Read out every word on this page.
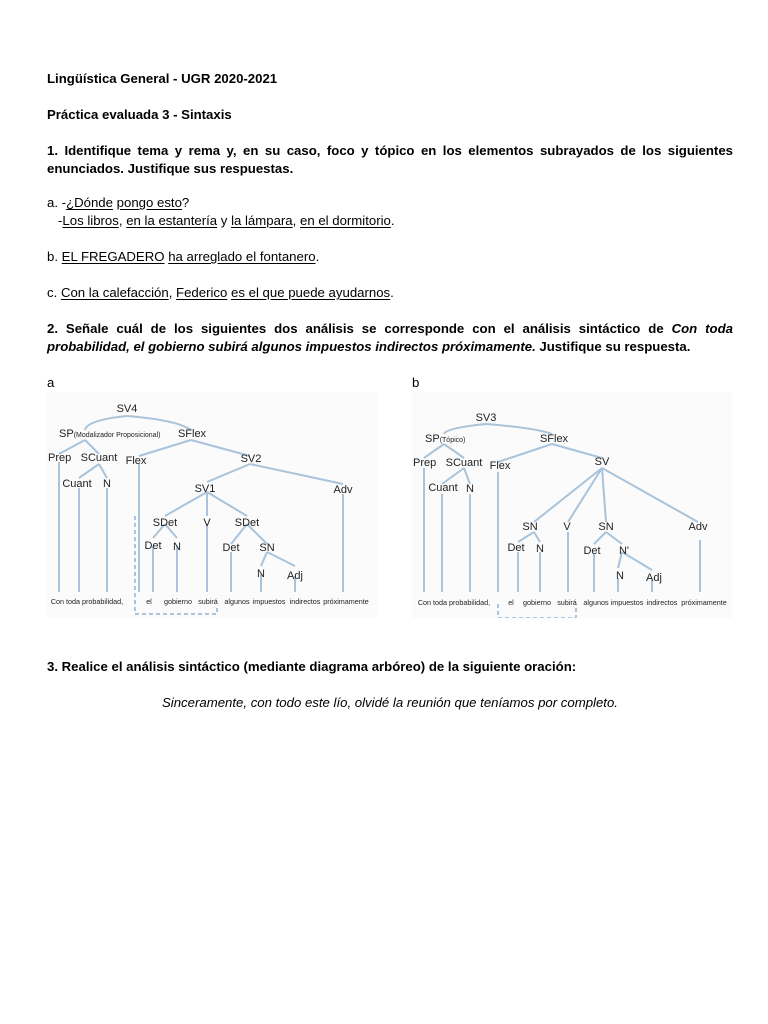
Lingüística General - UGR 2020-2021
Práctica evaluada 3 - Sintaxis
1. Identifique tema y rema y, en su caso, foco y tópico en los elementos subrayados de los siguientes enunciados. Justifique sus respuestas.
a. -¿Dónde pongo esto?
-Los libros, en la estantería y la lámpara, en el dormitorio.
b. EL FREGADERO ha arreglado el fontanero.
c. Con la calefacción, Federico es el que puede ayudarnos.
2. Señale cuál de los siguientes dos análisis se corresponde con el análisis sintáctico de Con toda probabilidad, el gobierno subirá algunos impuestos indirectos próximamente. Justifique su respuesta.
a	b
SV4
SP(Modalizador Proposicional) SFlex
Prep SCuant Flex	SV2
Cuant N	SV1	Adv
SDet V SDet
Det N	Det SN
N Adj
Con toda probabilidad,	el gobierno subirá algunos impuestos indirectos próximamente
SV3
SP(Tópico)	SFlex
Prep SCuant Flex	SV
Cuant N
SN V	SN	Adv
Det N	Det N'
N Adj
Con toda probabilidad,	el gobierno subirá algunos impuestos indirectos próximamente
3. Realice el análisis sintáctico (mediante diagrama arbóreo) de la siguiente oración:
Sinceramente, con todo este lío, olvidé la reunión que teníamos por completo.
